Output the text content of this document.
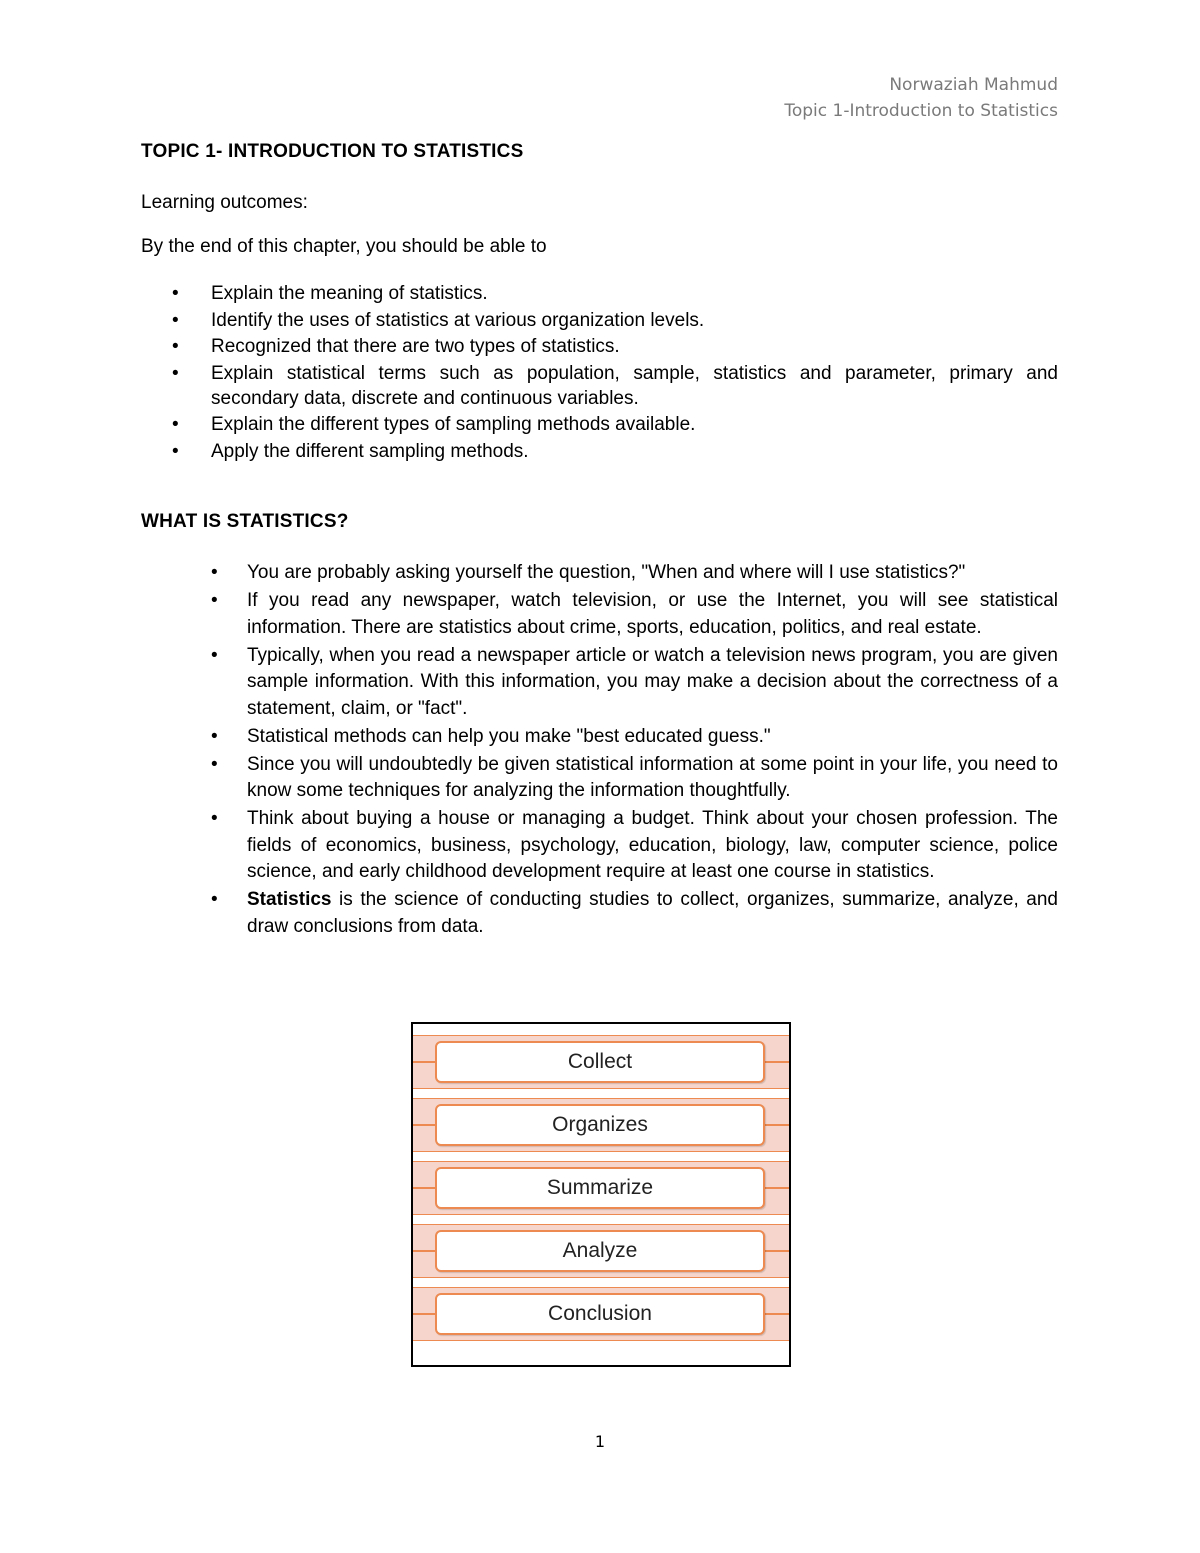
Norwaziah Mahmud
Topic 1-Introduction to Statistics
TOPIC 1- INTRODUCTION TO STATISTICS
Learning outcomes:
By the end of this chapter, you should be able to
• Explain the meaning of statistics.
• Identify the uses of statistics at various organization levels.
• Recognized that there are two types of statistics.
• Explain statistical terms such as population, sample, statistics and parameter, primary and secondary data, discrete and continuous variables.
• Explain the different types of sampling methods available.
• Apply the different sampling methods.
WHAT IS STATISTICS?
• You are probably asking yourself the question, "When and where will I use statistics?"
• If you read any newspaper, watch television, or use the Internet, you will see statistical information. There are statistics about crime, sports, education, politics, and real estate.
• Typically, when you read a newspaper article or watch a television news program, you are given sample information. With this information, you may make a decision about the correctness of a statement, claim, or "fact".
• Statistical methods can help you make "best educated guess."
• Since you will undoubtedly be given statistical information at some point in your life, you need to know some techniques for analyzing the information thoughtfully.
• Think about buying a house or managing a budget. Think about your chosen profession. The fields of economics, business, psychology, education, biology, law, computer science, police science, and early childhood development require at least one course in statistics.
• Statistics is the science of conducting studies to collect, organizes, summarize, analyze, and draw conclusions from data.
Collect
Organizes
Summarize
Analyze
Conclusion
1
